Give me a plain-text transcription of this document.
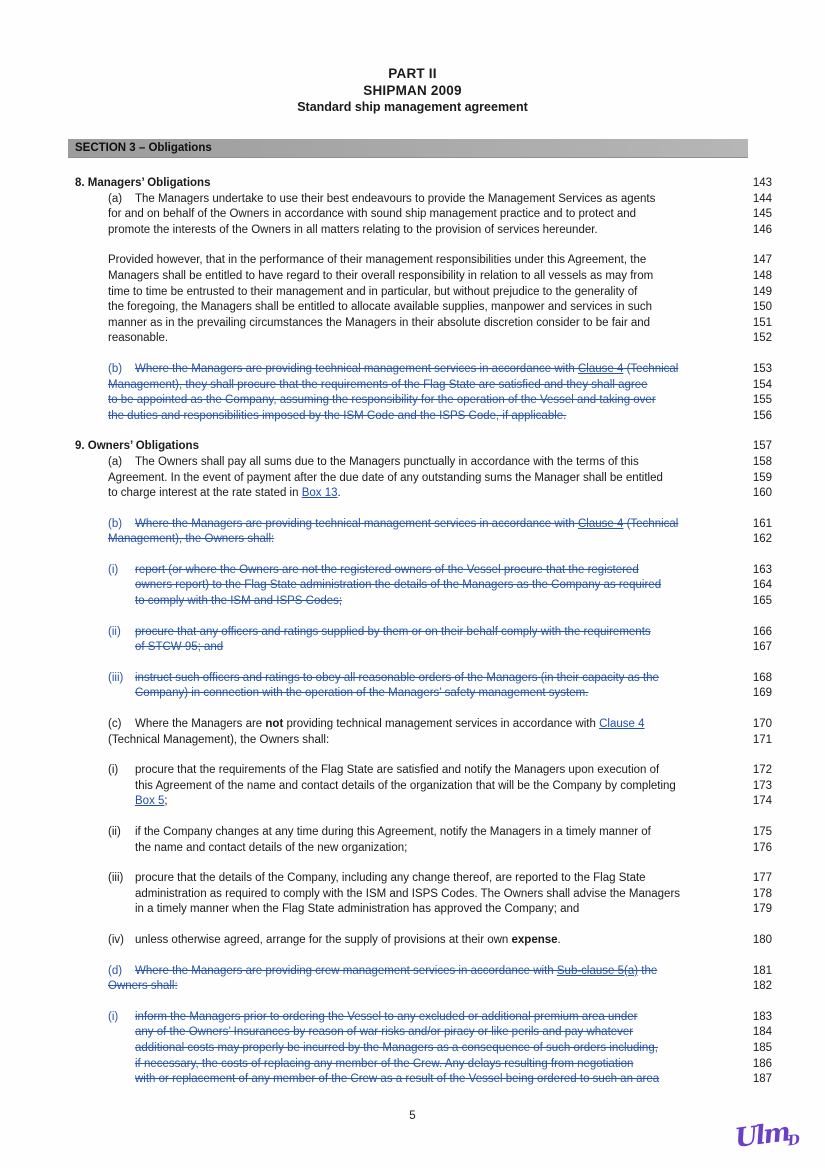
PART II
SHIPMAN 2009
Standard ship management agreement
SECTION 3 – Obligations
8. Managers’ Obligations	143
(a) The Managers undertake to use their best endeavours to provide the Management Services as agents	144
for and on behalf of the Owners in accordance with sound ship management practice and to protect and	145
promote the interests of the Owners in all matters relating to the provision of services hereunder.	146
Provided however, that in the performance of their management responsibilities under this Agreement, the	147
Managers shall be entitled to have regard to their overall responsibility in relation to all vessels as may from	148
time to time be entrusted to their management and in particular, but without prejudice to the generality of	149
the foregoing, the Managers shall be entitled to allocate available supplies, manpower and services in such	150
manner as in the prevailing circumstances the Managers in their absolute discretion consider to be fair and	151
reasonable.	152
(b) Where the Managers are providing technical management services in accordance with Clause 4 (Technical	153
Management), they shall procure that the requirements of the Flag State are satisfied and they shall agree	154
to be appointed as the Company, assuming the responsibility for the operation of the Vessel and taking over	155
the duties and responsibilities imposed by the ISM Code and the ISPS Code, if applicable.	156
9. Owners’ Obligations	157
(a) The Owners shall pay all sums due to the Managers punctually in accordance with the terms of this	158
Agreement. In the event of payment after the due date of any outstanding sums the Manager shall be entitled	159
to charge interest at the rate stated in Box 13.	160
(b) Where the Managers are providing technical management services in accordance with Clause 4 (Technical	161
Management), the Owners shall:	162
(i) report (or where the Owners are not the registered owners of the Vessel procure that the registered	163
owners report) to the Flag State administration the details of the Managers as the Company as required	164
to comply with the ISM and ISPS Codes;	165
(ii) procure that any officers and ratings supplied by them or on their behalf comply with the requirements	166
of STCW 95; and	167
(iii) instruct such officers and ratings to obey all reasonable orders of the Managers (in their capacity as the	168
Company) in connection with the operation of the Managers’ safety management system.	169
(c) Where the Managers are not providing technical management services in accordance with Clause 4	170
(Technical Management), the Owners shall:	171
(i) procure that the requirements of the Flag State are satisfied and notify the Managers upon execution of	172
this Agreement of the name and contact details of the organization that will be the Company by completing	173
Box 5;	174
(ii) if the Company changes at any time during this Agreement, notify the Managers in a timely manner of	175
the name and contact details of the new organization;	176
(iii) procure that the details of the Company, including any change thereof, are reported to the Flag State	177
administration as required to comply with the ISM and ISPS Codes. The Owners shall advise the Managers	178
in a timely manner when the Flag State administration has approved the Company; and	179
(iv) unless otherwise agreed, arrange for the supply of provisions at their own expense.	180
(d) Where the Managers are providing crew management services in accordance with Sub-clause 5(a) the	181
Owners shall:	182
(i) inform the Managers prior to ordering the Vessel to any excluded or additional premium area under	183
any of the Owners’ Insurances by reason of war risks and/or piracy or like perils and pay whatever	184
additional costs may properly be incurred by the Managers as a consequence of such orders including,	185
if necessary, the costs of replacing any member of the Crew. Any delays resulting from negotiation	186
with or replacement of any member of the Crew as a result of the Vessel being ordered to such an area	187
5
UlmD
